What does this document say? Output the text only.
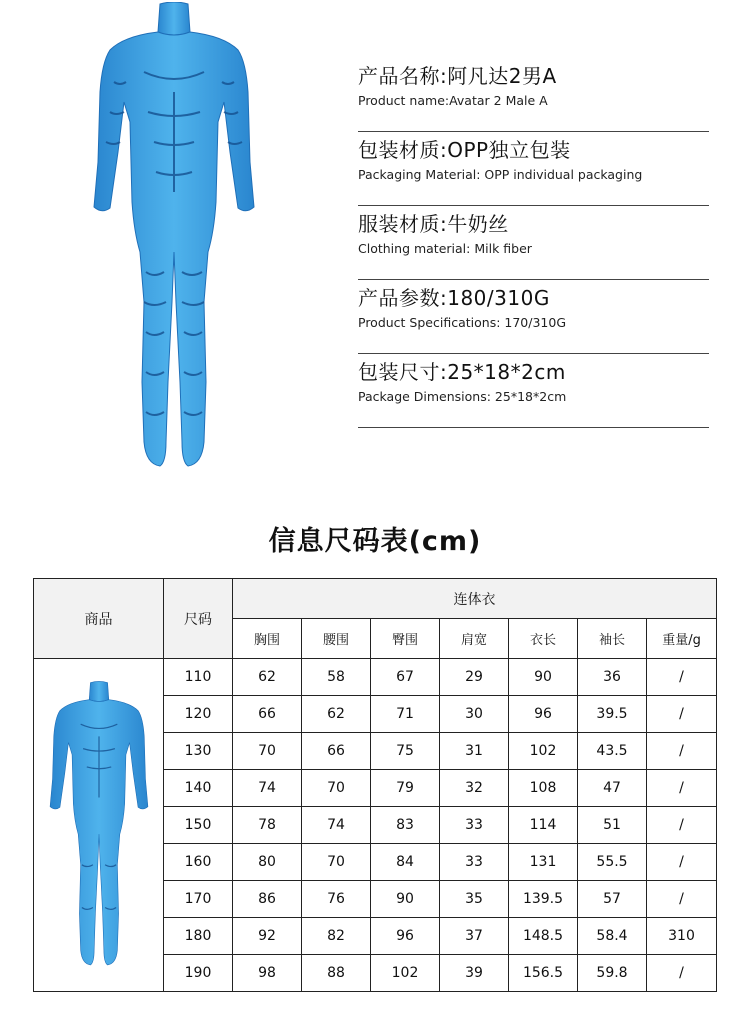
产品名称:阿凡达2男A
Product name:Avatar 2 Male A
包装材质:OPP独立包装
Packaging Material: OPP individual packaging
服装材质:牛奶丝
Clothing material: Milk fiber
产品参数:180/310G
Product Specifications: 170/310G
包装尺寸:25*18*2cm
Package Dimensions: 25*18*2cm
信息尺码表(cm)
商品	尺码	连体衣						
		胸围	腰围	臀围	肩宽	衣长	袖长	重量/g

	110	62	58	67	29	90	36	/
	120	66	62	71	30	96	39.5	/
	130	70	66	75	31	102	43.5	/
	140	74	70	79	32	108	47	/
	150	78	74	83	33	114	51	/
	160	80	70	84	33	131	55.5	/
	170	86	76	90	35	139.5	57	/
	180	92	82	96	37	148.5	58.4	310
	190	98	88	102	39	156.5	59.8	/
